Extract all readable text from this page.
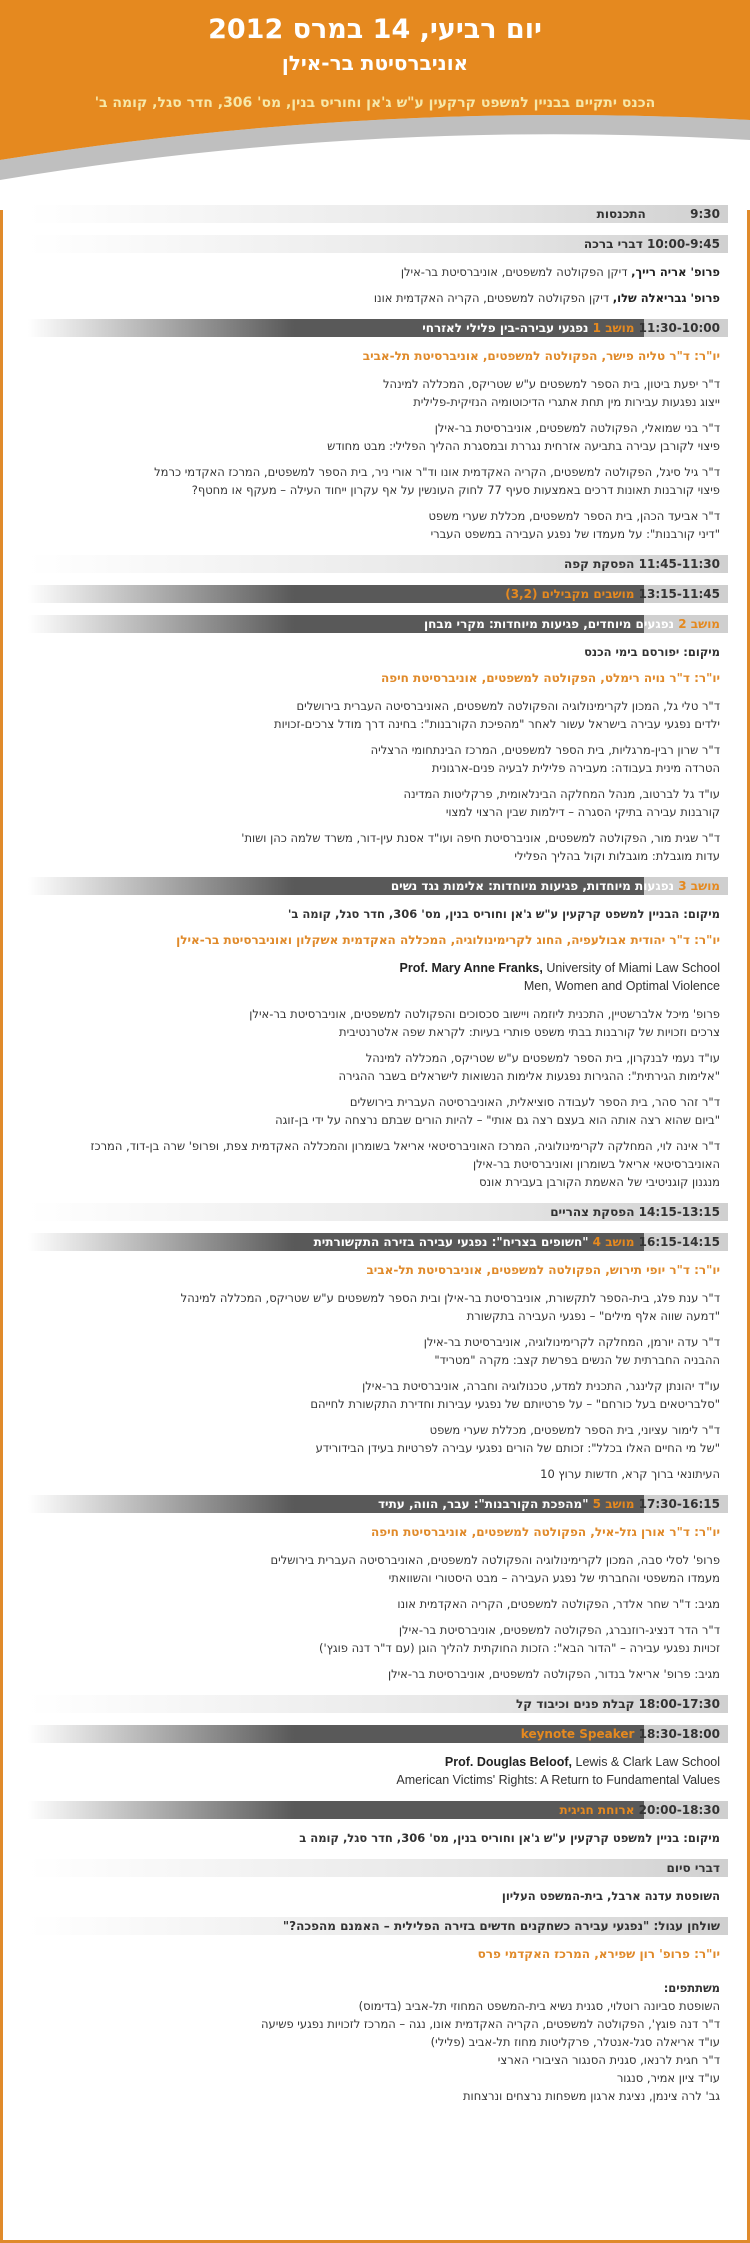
יום רביעי, 14 במרס 2012
אוניברסיטת בר-אילן
הכנס יתקיים בבניין למשפט קרקעין ע"ש ג'אן וחוריס בנין, מס' 306, חדר סגל, קומה ב'
9:30 התכנסות
10:00-9:45 דברי ברכה
פרופ' אריה רייך, דיקן הפקולטה למשפטים, אוניברסיטת בר-אילן
פרופ' גבריאלה שלו, דיקן הפקולטה למשפטים, הקריה האקדמית אונו
11:30-10:00 מושב 1 נפגעי עבירה-בין פלילי לאזרחי
יו"ר: ד"ר טליה פישר, הפקולטה למשפטים, אוניברסיטת תל-אביב
ד"ר יפעת ביטון, בית הספר למשפטים ע"ש שטריקס, המכללה למינהל
ייצוג נפגעות עבירות מין תחת אתגרי הדיכוטומיה הנזיקית-פלילית
ד"ר בני שמואלי, הפקולטה למשפטים, אוניברסיטת בר-אילן
פיצוי לקורבן עבירה בתביעה אזרחית נגררת ובמסגרת ההליך הפלילי: מבט מחודש
ד"ר גיל סיגל, הפקולטה למשפטים, הקריה האקדמית אונו וד"ר אורי ניר, בית הספר למשפטים, המרכז האקדמי כרמל
פיצוי קורבנות תאונות דרכים באמצעות סעיף 77 לחוק העונשין על אף עקרון ייחוד העילה – מעקף או מחטף?
ד"ר אביעד הכהן, בית הספר למשפטים, מכללת שערי משפט
"דיני קורבנות": על מעמדו של נפגע העבירה במשפט העברי
11:45-11:30 הפסקת קפה
13:15-11:45 מושבים מקבילים (3,2)
מושב 2 נפגעים מיוחדים, פגיעות מיוחדות: מקרי מבחן
מיקום: יפורסם בימי הכנס
יו"ר: ד"ר נויה רימלט, הפקולטה למשפטים, אוניברסיטת חיפה
ד"ר טלי גל, המכון לקרימינולוגיה והפקולטה למשפטים, האוניברסיטה העברית בירושלים
ילדים נפגעי עבירה בישראל עשור לאחר "מהפיכת הקורבנות": בחינה דרך מודל צרכים-זכויות
ד"ר שרון רבין-מרגליות, בית הספר למשפטים, המרכז הבינתחומי הרצליה
הטרדה מינית בעבודה: מעבירה פלילית לבעיה פנים-ארגונית
עו"ד גל לברטוב, מנהל המחלקה הבינלאומית, פרקליטות המדינה
קורבנות עבירה בתיקי הסגרה – דילמות שבין הרצוי למצוי
ד"ר שגית מור, הפקולטה למשפטים, אוניברסיטת חיפה ועו"ד אסנת עין-דור, משרד שלמה כהן ושות'
עדות מוגבלת: מוגבלות וקול בהליך הפלילי
מושב 3 נפגעות מיוחדות, פגיעות מיוחדות: אלימות נגד נשים
מיקום: הבניין למשפט קרקעין ע"ש ג'אן וחוריס בנין, מס' 306, חדר סגל, קומה ב'
יו"ר: ד"ר יהודית אבולעפיה, החוג לקרימינולוגיה, המכללה האקדמית אשקלון ואוניברסיטת בר-אילן
Prof. Mary Anne Franks, University of Miami Law School
Men, Women and Optimal Violence
פרופ' מיכל אלברשטיין, התכנית ליוזמה ויישוב סכסוכים והפקולטה למשפטים, אוניברסיטת בר-אילן
צרכים וזכויות של קורבנות בבתי משפט פותרי בעיות: לקראת שפה אלטרנטיבית
עו"ד נעמי לבנקרון, בית הספר למשפטים ע"ש שטריקס, המכללה למינהל
"אלימות הגירתית": ההגירות נפגעות אלימות הנשואות לישראלים בשבר ההגירה
ד"ר זהר סהר, בית הספר לעבודה סוציאלית, האוניברסיטה העברית בירושלים
"ביום שהוא רצה אותה הוא בעצם רצה גם אותי" – להיות הורים שבתם נרצחה על ידי בן-זוגה
ד"ר אינה לוי, המחלקה לקרימינולוגיה, המרכז האוניברסיטאי אריאל בשומרון והמכללה האקדמית צפת, ופרופ' שרה בן-דוד, המרכז האוניברסיטאי אריאל בשומרון ואוניברסיטת בר-אילן
מנגנון קוגניטיבי של האשמת הקורבן בעבירת אונס
14:15-13:15 הפסקת צהריים
16:15-14:15 מושב 4 "חשופים בצריח": נפגעי עבירה בזירה התקשורתית
יו"ר: ד"ר יופי תירוש, הפקולטה למשפטים, אוניברסיטת תל-אביב
ד"ר ענת פלג, בית-הספר לתקשורת, אוניברסיטת בר-אילן ובית הספר למשפטים ע"ש שטריקס, המכללה למינהל
"דמעה שווה אלף מילים" – נפגעי העבירה בתקשורת
ד"ר עדה יורמן, המחלקה לקרימינולוגיה, אוניברסיטת בר-אילן
ההבניה החברתית של הנשים בפרשת קצב: מקרה "מטריד"
עו"ד יהונתן קלינגר, התכנית למדע, טכנולוגיה וחברה, אוניברסיטת בר-אילן
"סלבריטאים בעל כורחם" – על פרטיותם של נפגעי עבירות וחדירת התקשורת לחייהם
ד"ר לימור עציוני, בית הספר למשפטים, מכללת שערי משפט
"של מי החיים האלו בכלל": זכותם של הורים נפגעי עבירה לפרטיות בעידן הבידורידע
העיתונאי ברוך קרא, חדשות ערוץ 10
17:30-16:15 מושב 5 "מהפכת הקורבנות": עבר, הווה, עתיד
יו"ר: ד"ר אורן גזל-איל, הפקולטה למשפטים, אוניברסיטת חיפה
פרופ' לסלי סבה, המכון לקרימינולוגיה והפקולטה למשפטים, האוניברסיטה העברית בירושלים
מעמדו המשפטי והחברתי של נפגע העבירה – מבט היסטורי והשוואתי
מגיב: ד"ר שחר אלדר, הפקולטה למשפטים, הקריה האקדמית אונו
ד"ר הדר דנציג-רוזנברג, הפקולטה למשפטים, אוניברסיטת בר-אילן
זכויות נפגעי עבירה – "הדור הבא": הזכות החוקתית להליך הוגן (עם ד"ר דנה פוגץ')
מגיב: פרופ' אריאל בנדור, הפקולטה למשפטים, אוניברסיטת בר-אילן
18:00-17:30 קבלת פנים וכיבוד קל
18:30-18:00 keynote Speaker
Prof. Douglas Beloof, Lewis & Clark Law School
American Victims' Rights: A Return to Fundamental Values
20:00-18:30 ארוחת חגיגית
מיקום: בניין למשפט קרקעין ע"ש ג'אן וחוריס בנין, מס' 306, חדר סגל, קומה ב
דברי סיום
השופטת עדנה ארבל, בית-המשפט העליון
שולחן עגול: "נפגעי עבירה כשחקנים חדשים בזירה הפלילית – האמנם מהפכה?"
יו"ר: פרופ' רון שפירא, המרכז האקדמי פרס
משתתפים:
השופטת סביונה רוטלוי, סגנית נשיא בית-המשפט המחוזי תל-אביב (בדימוס)
ד"ר דנה פוגץ', הפקולטה למשפטים, הקריה האקדמית אונו, נגה – המרכז לזכויות נפגעי פשיעה
עו"ד אריאלה סגל-אנטלר, פרקליטות מחוז תל-אביב (פלילי)
ד"ר חגית לרנאו, סגנית הסנגור הציבורי הארצי
עו"ד ציון אמיר, סנגור
גב' לרה צינמן, נציגת ארגון משפחות נרצחים ונרצחות
